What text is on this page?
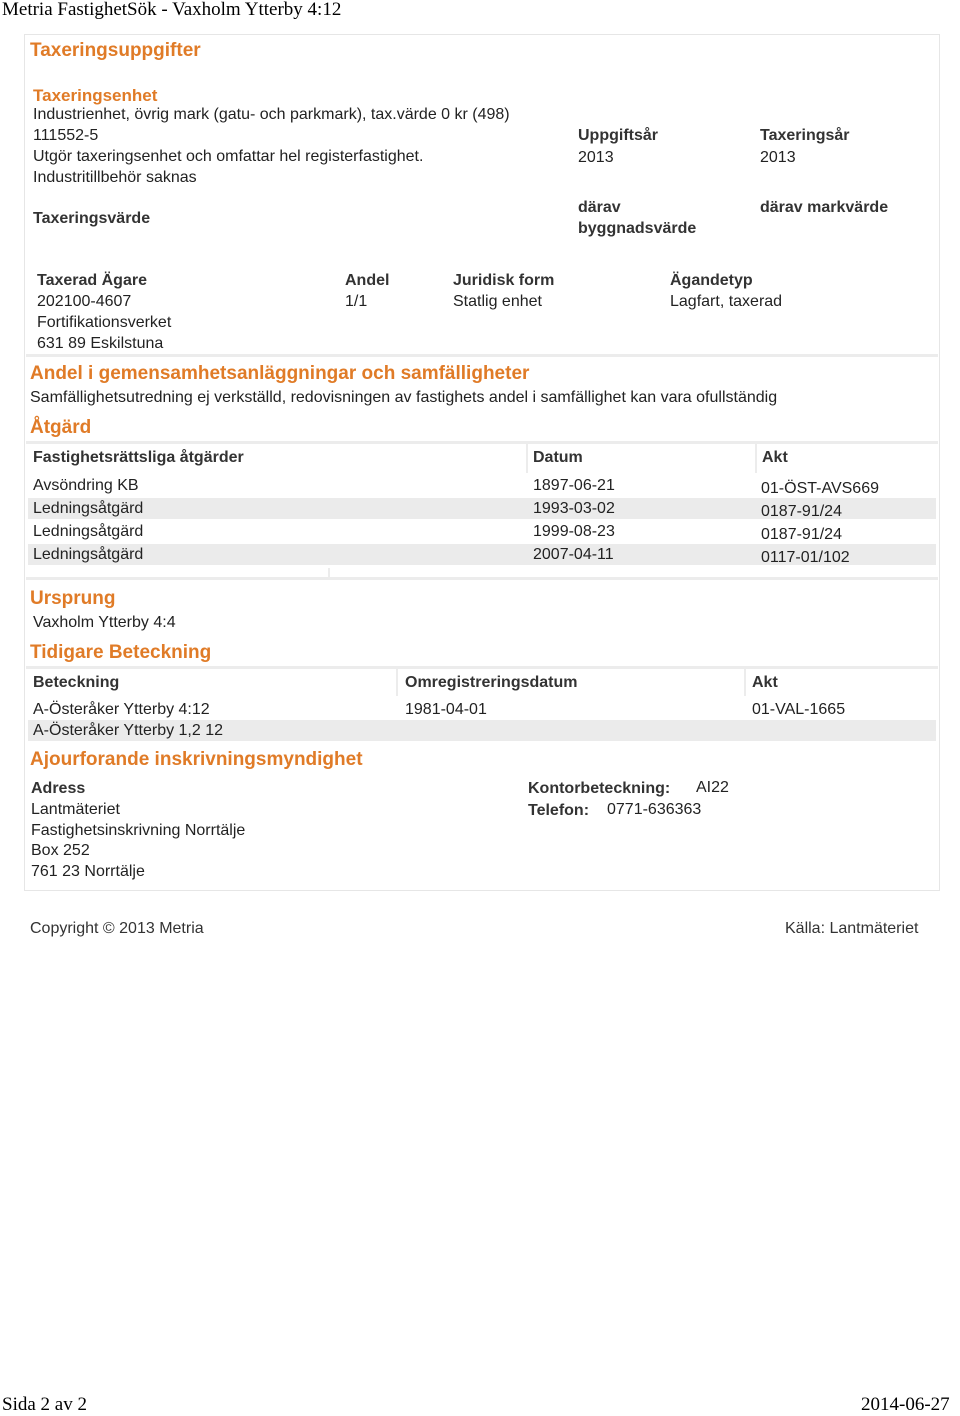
Metria FastighetSök - Vaxholm Ytterby 4:12
Taxeringsuppgifter
Taxeringsenhet
Industrienhet, övrig mark (gatu- och parkmark), tax.värde 0 kr (498)
111552-5
Utgör taxeringsenhet och omfattar hel registerfastighet.
Industritillbehör saknas
Uppgiftsår
2013
Taxeringsår
2013
Taxeringsvärde
därav
byggnadsvärde
därav markvärde
Taxerad Ägare	Andel	Juridisk form	Ägandetyp
202100-4607
Fortifikationsverket
631 89 Eskilstuna
1/1	Statlig enhet	Lagfart, taxerad
Andel i gemensamhetsanläggningar och samfälligheter
Samfällighetsutredning ej verkställd, redovisningen av fastighets andel i samfällighet kan vara ofullständig
Åtgärd
Fastighetsrättsliga åtgärder	Datum	Akt
Avsöndring KB	1897-06-21	01-ÖST-AVS669
Ledningsåtgärd	1993-03-02	0187-91/24
Ledningsåtgärd	1999-08-23	0187-91/24
Ledningsåtgärd	2007-04-11	0117-01/102
Ursprung
Vaxholm Ytterby 4:4
Tidigare Beteckning
Beteckning	Omregistreringsdatum	Akt
A-Österåker Ytterby 4:12	1981-04-01	01-VAL-1665
A-Österåker Ytterby 1,2 12
Ajourforande inskrivningsmyndighet
Adress
Lantmäteriet
Fastighetsinskrivning Norrtälje
Box 252
761 23 Norrtälje
Kontorbeteckning: AI22
Telefon: 0771-636363
Copyright © 2013 Metria	Källa: Lantmäteriet
Sida 2 av 2	2014-06-27
